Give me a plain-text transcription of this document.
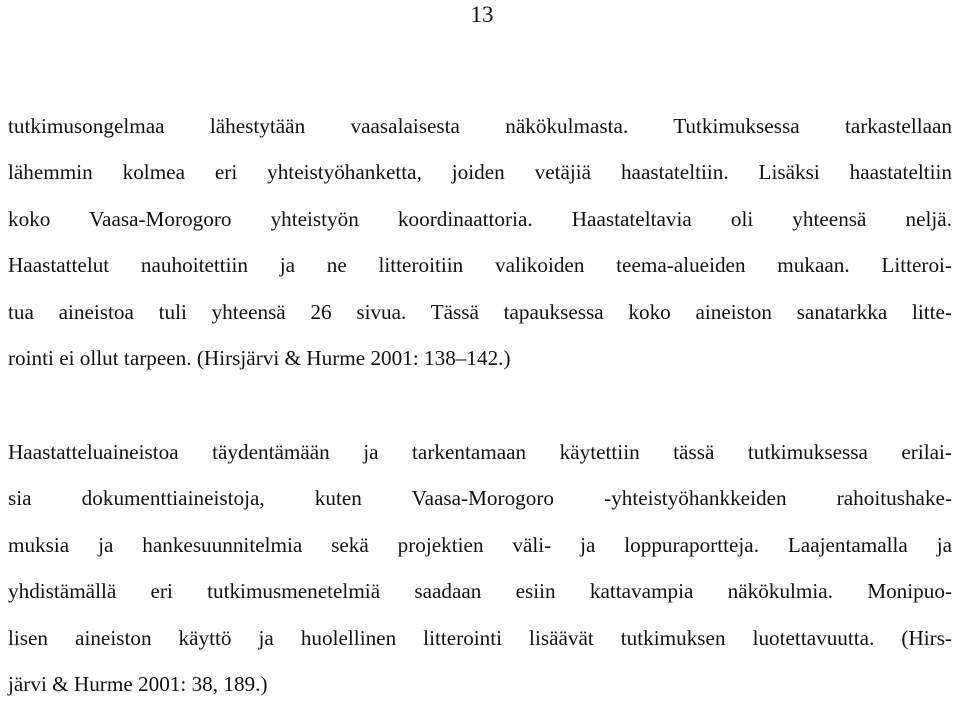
13
tutkimusongelmaa lähestytään vaasalaisesta näkökulmasta. Tutkimuksessa tarkastellaan
lähemmin kolmea eri yhteistyöhanketta, joiden vetäjiä haastateltiin. Lisäksi haastateltiin
koko Vaasa-Morogoro yhteistyön koordinaattoria. Haastateltavia oli yhteensä neljä.
Haastattelut nauhoitettiin ja ne litteroitiin valikoiden teema-alueiden mukaan. Litteroi-
tua aineistoa tuli yhteensä 26 sivua. Tässä tapauksessa koko aineiston sanatarkka litte-
rointi ei ollut tarpeen. (Hirsjärvi & Hurme 2001: 138–142.)
Haastatteluaineistoa täydentämään ja tarkentamaan käytettiin tässä tutkimuksessa erilai-
sia dokumenttiaineistoja, kuten Vaasa-Morogoro -yhteistyöhankkeiden rahoitushake-
muksia ja hankesuunnitelmia sekä projektien väli- ja loppuraportteja. Laajentamalla ja
yhdistämällä eri tutkimusmenetelmiä saadaan esiin kattavampia näkökulmia. Monipuo-
lisen aineiston käyttö ja huolellinen litterointi lisäävät tutkimuksen luotettavuutta. (Hirs-
järvi & Hurme 2001: 38, 189.)
